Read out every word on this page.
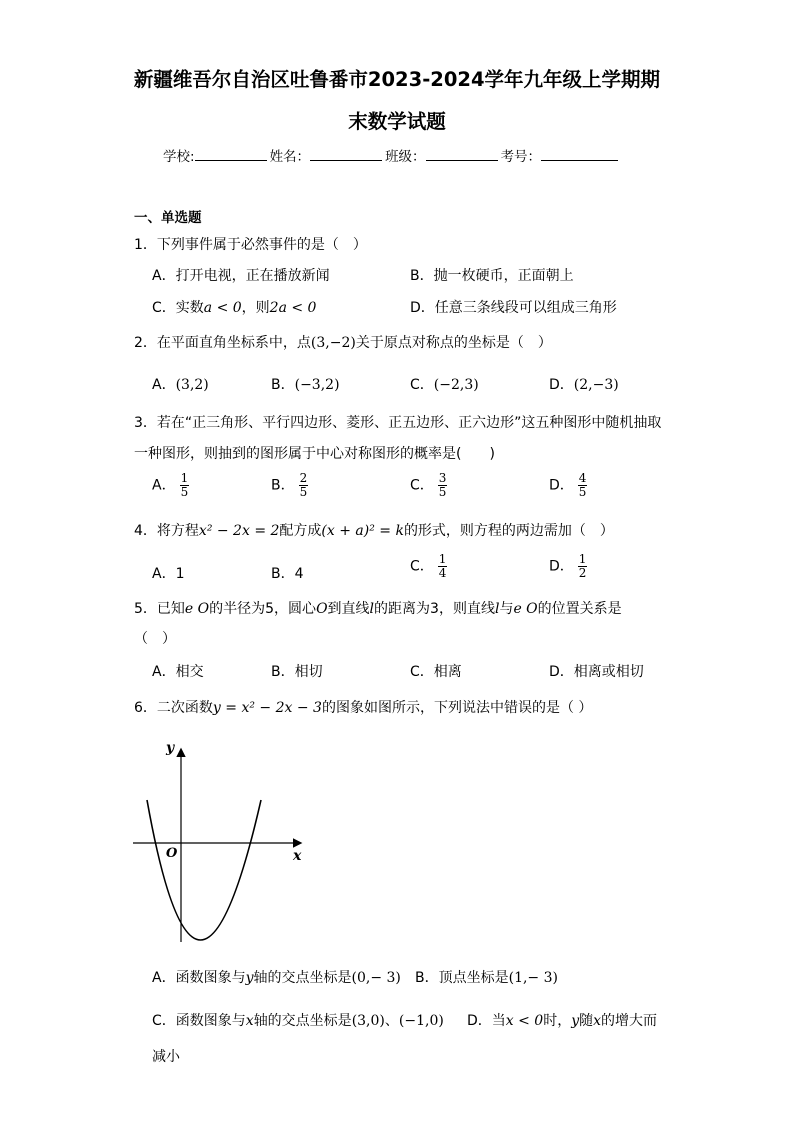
新疆维吾尔自治区吐鲁番市2023-2024学年九年级上学期期
末数学试题
学校:	姓名：	班级：	考号：
一、单选题
1．下列事件属于必然事件的是（　）
A．打开电视，正在播放新闻	B．抛一枚硬币，正面朝上
C．实数a < 0，则2a < 0	D．任意三条线段可以组成三角形
2．在平面直角坐标系中，点(3,−2)关于原点对称点的坐标是（　）
A．(3,2)	B．(−3,2)	C．(−2,3)	D．(2,−3)
3．若在“正三角形、平行四边形、菱形、正五边形、正六边形”这五种图形中随机抽取
一种图形，则抽到的图形属于中心对称图形的概率是(　　)
A． $\frac{1}{5}$	B． $\frac{2}{5}$	C． $\frac{3}{5}$	D． $\frac{4}{5}$
4．将方程x² − 2x = 2配方成(x + a)² = k的形式，则方程的两边需加（　）
A．1	B．4	C． $\frac{1}{4}$	D． $\frac{1}{2}$
5．已知e O的半径为5，圆心O到直线l的距离为3，则直线l与e O的位置关系是
（　）
A．相交	B．相切	C．相离	D．相离或相切
6．二次函数y = x² − 2x − 3的图象如图所示，下列说法中错误的是（ ）
y
x
O
A．函数图象与y轴的交点坐标是(0,− 3) B．顶点坐标是(1,− 3)
C．函数图象与x轴的交点坐标是(3,0)、(−1,0) D．当x < 0时，y随x的增大而
减小
